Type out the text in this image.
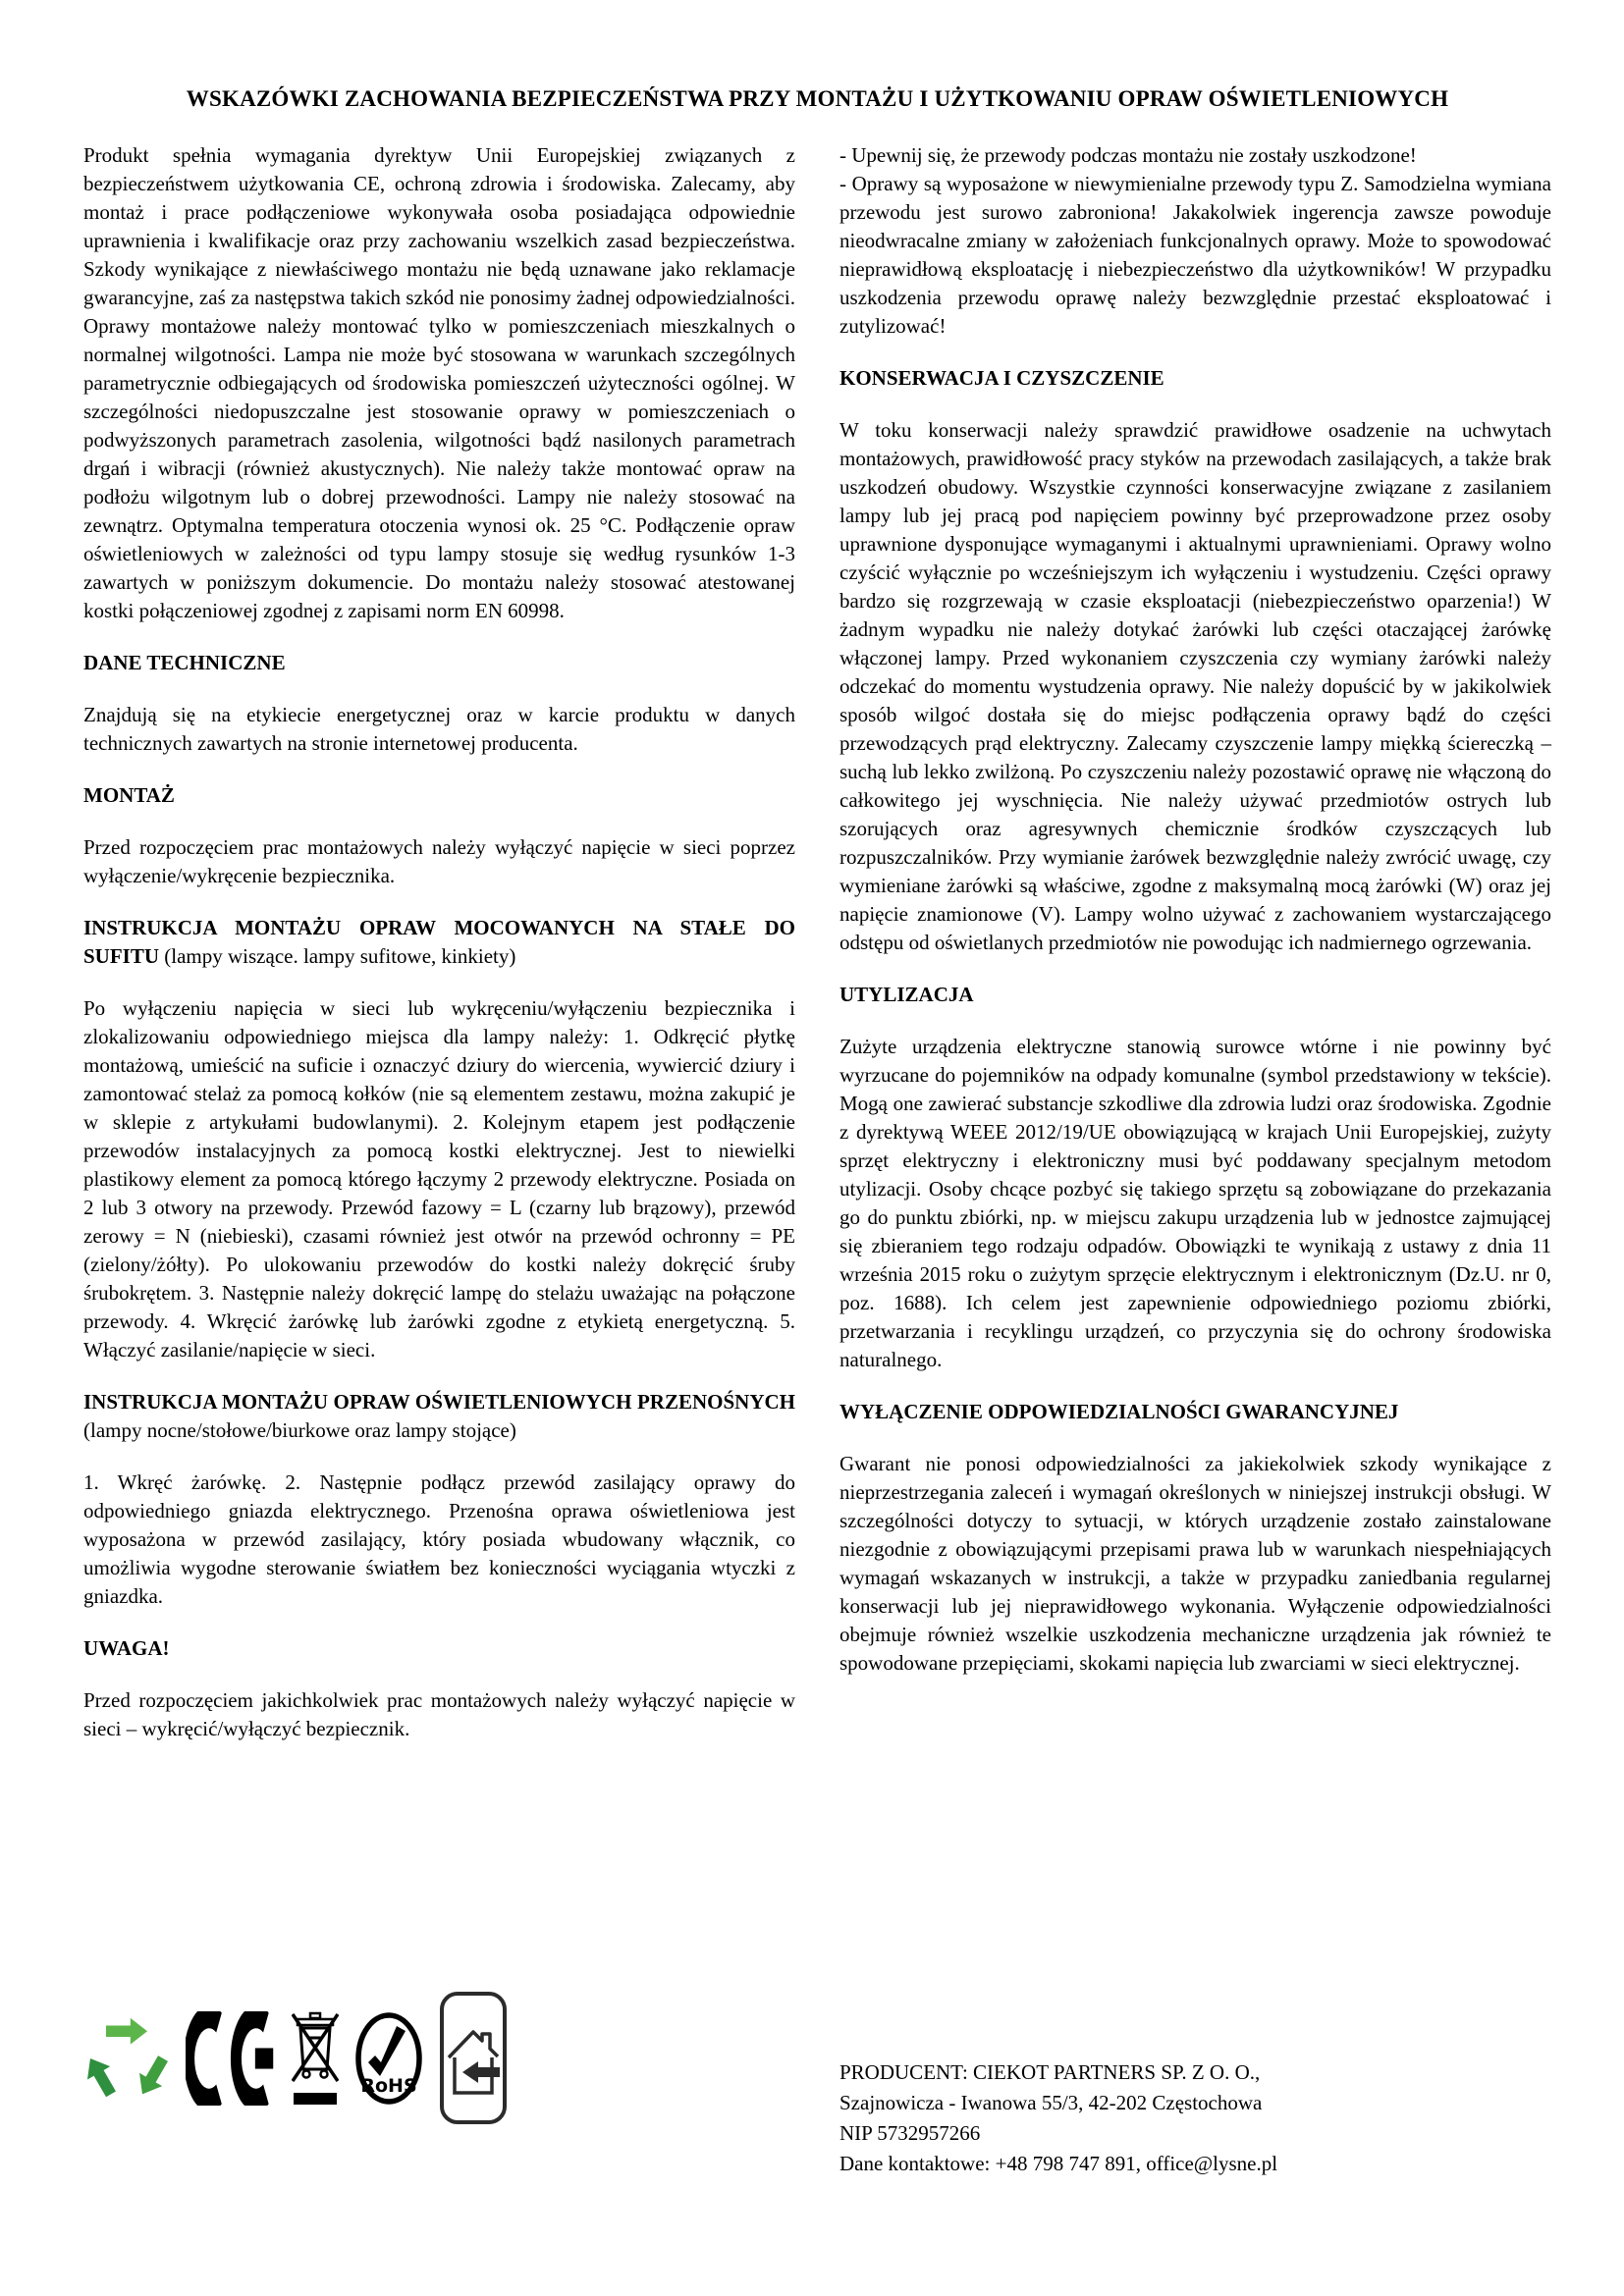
WSKAZÓWKI ZACHOWANIA BEZPIECZEŃSTWA PRZY MONTAŻU I UŻYTKOWANIU OPRAW OŚWIETLENIOWYCH

Produkt spełnia wymagania dyrektyw Unii Europejskiej związanych z bezpieczeństwem użytkowania CE, ochroną zdrowia i środowiska. Zalecamy, aby montaż i prace podłączeniowe wykonywała osoba posiadająca odpowiednie uprawnienia i kwalifikacje oraz przy zachowaniu wszelkich zasad bezpieczeństwa. Szkody wynikające z niewłaściwego montażu nie będą uznawane jako reklamacje gwarancyjne, zaś za następstwa takich szkód nie ponosimy żadnej odpowiedzialności. Oprawy montażowe należy montować tylko w pomieszczeniach mieszkalnych o normalnej wilgotności. Lampa nie może być stosowana w warunkach szczególnych parametrycznie odbiegających od środowiska pomieszczeń użyteczności ogólnej. W szczególności niedopuszczalne jest stosowanie oprawy w pomieszczeniach o podwyższonych parametrach zasolenia, wilgotności bądź nasilonych parametrach drgań i wibracji (również akustycznych). Nie należy także montować opraw na podłożu wilgotnym lub o dobrej przewodności. Lampy nie należy stosować na zewnątrz. Optymalna temperatura otoczenia wynosi ok. 25 °C. Podłączenie opraw oświetleniowych w zależności od typu lampy stosuje się według rysunków 1-3 zawartych w poniższym dokumencie. Do montażu należy stosować atestowanej kostki połączeniowej zgodnej z zapisami norm EN 60998.

DANE TECHNICZNE

Znajdują się na etykiecie energetycznej oraz w karcie produktu w danych technicznych zawartych na stronie internetowej producenta.

MONTAŻ

Przed rozpoczęciem prac montażowych należy wyłączyć napięcie w sieci poprzez wyłączenie/wykręcenie bezpiecznika.

INSTRUKCJA MONTAŻU OPRAW MOCOWANYCH NA STAŁE DO SUFITU (lampy wiszące. lampy sufitowe, kinkiety)

Po wyłączeniu napięcia w sieci lub wykręceniu/wyłączeniu bezpiecznika i zlokalizowaniu odpowiedniego miejsca dla lampy należy: 1. Odkręcić płytkę montażową, umieścić na suficie i oznaczyć dziury do wiercenia, wywiercić dziury i zamontować stelaż za pomocą kołków (nie są elementem zestawu, można zakupić je w sklepie z artykułami budowlanymi). 2. Kolejnym etapem jest podłączenie przewodów instalacyjnych za pomocą kostki elektrycznej. Jest to niewielki plastikowy element za pomocą którego łączymy 2 przewody elektryczne. Posiada on 2 lub 3 otwory na przewody. Przewód fazowy = L (czarny lub brązowy), przewód zerowy = N (niebieski), czasami również jest otwór na przewód ochronny = PE (zielony/żółty). Po ulokowaniu przewodów do kostki należy dokręcić śruby śrubokrętem. 3. Następnie należy dokręcić lampę do stelażu uważając na połączone przewody. 4. Wkręcić żarówkę lub żarówki zgodne z etykietą energetyczną. 5. Włączyć zasilanie/napięcie w sieci.

INSTRUKCJA MONTAŻU OPRAW OŚWIETLENIOWYCH PRZENOŚNYCH (lampy nocne/stołowe/biurkowe oraz lampy stojące)

1. Wkręć żarówkę. 2. Następnie podłącz przewód zasilający oprawy do odpowiedniego gniazda elektrycznego. Przenośna oprawa oświetleniowa jest wyposażona w przewód zasilający, który posiada wbudowany włącznik, co umożliwia wygodne sterowanie światłem bez konieczności wyciągania wtyczki z gniazdka.

UWAGA!

Przed rozpoczęciem jakichkolwiek prac montażowych należy wyłączyć napięcie w sieci – wykręcić/wyłączyć bezpiecznik.

- Upewnij się, że przewody podczas montażu nie zostały uszkodzone!

- Oprawy są wyposażone w niewymienialne przewody typu Z. Samodzielna wymiana przewodu jest surowo zabroniona! Jakakolwiek ingerencja zawsze powoduje nieodwracalne zmiany w założeniach funkcjonalnych oprawy. Może to spowodować nieprawidłową eksploatację i niebezpieczeństwo dla użytkowników! W przypadku uszkodzenia przewodu oprawę należy bezwzględnie przestać eksploatować i zutylizować!

KONSERWACJA I CZYSZCZENIE

W toku konserwacji należy sprawdzić prawidłowe osadzenie na uchwytach montażowych, prawidłowość pracy styków na przewodach zasilających, a także brak uszkodzeń obudowy. Wszystkie czynności konserwacyjne związane z zasilaniem lampy lub jej pracą pod napięciem powinny być przeprowadzone przez osoby uprawnione dysponujące wymaganymi i aktualnymi uprawnieniami. Oprawy wolno czyścić wyłącznie po wcześniejszym ich wyłączeniu i wystudzeniu. Części oprawy bardzo się rozgrzewają w czasie eksploatacji (niebezpieczeństwo oparzenia!) W żadnym wypadku nie należy dotykać żarówki lub części otaczającej żarówkę włączonej lampy. Przed wykonaniem czyszczenia czy wymiany żarówki należy odczekać do momentu wystudzenia oprawy. Nie należy dopuścić by w jakikolwiek sposób wilgoć dostała się do miejsc podłączenia oprawy bądź do części przewodzących prąd elektryczny. Zalecamy czyszczenie lampy miękką ściereczką – suchą lub lekko zwilżoną. Po czyszczeniu należy pozostawić oprawę nie włączoną do całkowitego jej wyschnięcia. Nie należy używać przedmiotów ostrych lub szorujących oraz agresywnych chemicznie środków czyszczących lub rozpuszczalników. Przy wymianie żarówek bezwzględnie należy zwrócić uwagę, czy wymieniane żarówki są właściwe, zgodne z maksymalną mocą żarówki (W) oraz jej napięcie znamionowe (V). Lampy wolno używać z zachowaniem wystarczającego odstępu od oświetlanych przedmiotów nie powodując ich nadmiernego ogrzewania.

UTYLIZACJA

Zużyte urządzenia elektryczne stanowią surowce wtórne i nie powinny być wyrzucane do pojemników na odpady komunalne (symbol przedstawiony w tekście). Mogą one zawierać substancje szkodliwe dla zdrowia ludzi oraz środowiska. Zgodnie z dyrektywą WEEE 2012/19/UE obowiązującą w krajach Unii Europejskiej, zużyty sprzęt elektryczny i elektroniczny musi być poddawany specjalnym metodom utylizacji. Osoby chcące pozbyć się takiego sprzętu są zobowiązane do przekazania go do punktu zbiórki, np. w miejscu zakupu urządzenia lub w jednostce zajmującej się zbieraniem tego rodzaju odpadów. Obowiązki te wynikają z ustawy z dnia 11 września 2015 roku o zużytym sprzęcie elektrycznym i elektronicznym (Dz.U. nr 0, poz. 1688). Ich celem jest zapewnienie odpowiedniego poziomu zbiórki, przetwarzania i recyklingu urządzeń, co przyczynia się do ochrony środowiska naturalnego.

WYŁĄCZENIE ODPOWIEDZIALNOŚCI GWARANCYJNEJ

Gwarant nie ponosi odpowiedzialności za jakiekolwiek szkody wynikające z nieprzestrzegania zaleceń i wymagań określonych w niniejszej instrukcji obsługi. W szczególności dotyczy to sytuacji, w których urządzenie zostało zainstalowane niezgodnie z obowiązującymi przepisami prawa lub w warunkach niespełniających wymagań wskazanych w instrukcji, a także w przypadku zaniedbania regularnej konserwacji lub jej nieprawidłowego wykonania. Wyłączenie odpowiedzialności obejmuje również wszelkie uszkodzenia mechaniczne urządzenia jak również te spowodowane przepięciami, skokami napięcia lub zwarciami w sieci elektrycznej.

RoHS

PRODUCENT: CIEKOT PARTNERS SP. Z O. O.,

Szajnowicza - Iwanowa 55/3, 42-202 Częstochowa

NIP 5732957266

Dane kontaktowe: +48 798 747 891, office@lysne.pl
